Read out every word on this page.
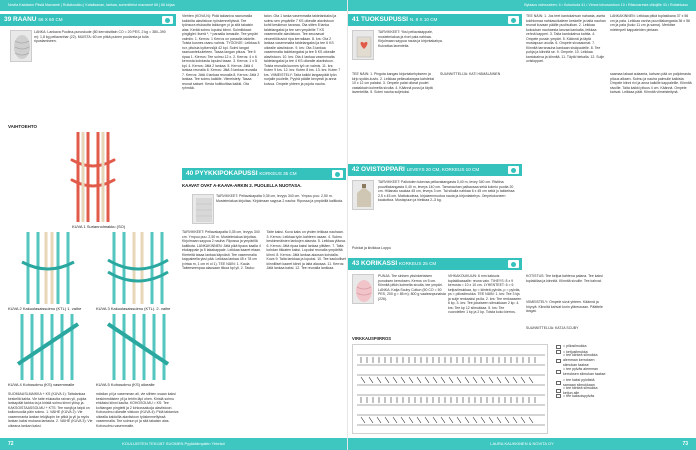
Novita Katoksen Pitsiä Macramé | Rullakoukku | Katalisanan, lankaa, sommittelut macramé 66 | 66 kirjaa
39 RAANU 66 X 60 CM
LANKA: Lankava Puolina-punoskude (80 kerroksittain CO = 20 PES, 2 kg = 380–390 m): 1,8 kg pellavanhar (22). MUISTA: 60 cm pitkä puinen puolarsta ja tulla ripustamiseen.
VAIHTOEHTO
KUVA 1 Suriannolmakku (SO)
KUVA 2 Kakuolasaissoimu (KTL) 1. vaihe	KUVA 3 Kakuolasaissoimu (KTL). 2. vaihe
KUVA 4 Kohosolmu (KS) vasemmalle	KUVA 5 Kohosolmu (KS) oikealle
SUOMIAUSLMAIKKA + KS (KUVA 1): Taitalankaa keskellä kahta. Vie taite etukautta raivan yli, pujota lankapäät tarkka ta ja kiristä solmu kiinni ylösp ja. KAKSOISTAASSOLMU + KTS: Tee nanjä ja taipä on kallonsuolla päin solmu. 1. VAIHE (KUVA 2): Vie vasemmanta lankan tekijäopin ke pitkä ja yli ja myös lankan kaksi mukana lantauta. 2. VAIHE (KUVA 3): Vie oikeana lankan kaksi.
mäsilan pii ja vasemman ali, vie siihten osaan kaksi keskimmäisten yli ja tehtin läpi ohen. Kiristä solmu ehkäsisi kiinni kaulta. KOHOSOLMU = KS: Tee kohlangan pingteiti ja 2 lohkossaluoja alaviistoon. Kohosolmu oikealle viistoon (KUVA 4): Pidä taldaniva oikealla kaldoilla alaviistoon työskennellyissä vasemmalla. Tee solmun pi ja sitä takaisin alas. Kohosolmu vasemmalle.
Viehten (KOVA N): Pidä taldaniva raanumalla kaldoilta alaviistoon työskennellyissä. Tee työnsura etukautta taldunger pi ja sitä takaisin alas. Kerää solmu lopuksi kiinni. Solmiikkaat: pingliglei: liserä *, * paraalla lamaulle. Tee ympäri valmiin. 1. Kerros: 1 Kerros on paraalla taldelle. Toista kunnes raanu valmis. TYÖOHJE: Leikkaa 8 ncr, pituisia kytkennöjä 42 kpl. Solmi langat raanuanteluuteteen. Tasaa langan pituus. Tee 6 ripaa 1. Kierros: Tee solmu 12 x. 2. Kerros: 4 x 6 kerrosta kohdasta lopuksi tasan. 3. Kerros: 1 x 5 kpl. 4. Kerros: Jätä 2 lankaa. 5. Kerros: Jätä 4 lankaa reunalla 6. Kerros: Jätä 3 lankaa reunalla 7. Kerros: Jätä 4 lankaa reunalla 8. Kerros: Jätä 2 lankaa. Tee solmu kaikille. Viimeistely: Tasaa reunat sakset. Kesta hoitikoittaa kaikki. Ota ryhmää.
talon. Ota 1 lanka vasemmalta taldelankaksi ja solmu sen ympärille 7 KS oikealle alaviistoon kohti keskimon tavaraa. Ota sitten 8 lanka taldelangaksi ja tee sen ympärille 7 KS vasemmalle alaviistoon. Tee seuraavat vinoneliökuviot ripa kerrallaan. 8. krs: Ota 2 lankaa vasemmalta taldelangaksi ja tee 6 KS oikealle alaviistoon. 9. krs: Ota 3 lankaa vasemmalta taldelangaksi ja tee 5 KS oikealle alaviistoon. 10. krs: Ota 4 lankaa vasemmalta taldelangaksi ja tee 4 KS oikealle alaviistoon. Toista reunalla kunnes työ on valmis. 11. krs: Kuten 9 krs. 12. krs: Kuten 8 krs. 13. krs: Kuten 7 krs. VIIMEISTELY: Taita kaikki langanpäät työn nurjalle puolelle, Pyyhä päälle kevyesti ja anna kuivua. Ompele yhteen ja pujota nauha.
40 PYYKKIPOKAPUSSI KORKEUS 35 CM
KAAVAT OVAT A-KAAVA-ARKIN 2. PUOLELLA NUOTASA.
TARVIKKEET: Pellavakapalta 0,35 cm, levyys 340 cm. Ympuu puu: 2,50 m. Mustelmiakua kirjoitaa. Kirjolmaan saypua 2 nauha: Ripossa ja ympärillä kaitikota.
TARVIKKEET: Pellavakapalta 0,35 cm, levyys 340 cm. Ympuu puu: 2,50 m. Mustelmiakua kirjoitaa. Kirjolmaan saypua 2 nauha: Ripossa ja ympärillä kaitikota. LANKAKINNEN: Jätä pikä tipaus kaalla 4 etukappale ja 5 takakappale. Leikkaa kaaret etaan. Kierteitä tasaa lankaa käpvästi. Tee vasemmalla kappaleella yksi pää. Leikkaa lankaa 45 x 78 cm (virtaa m, 1 cm ei ol 1). TEE NÄIN: 1. Kaula Taiteeseenpaa alaosaan tiikoa kpl yli. 2. Tasku: Taite kaksi. Kuva kaks on yhden leikkaa nauhaan. 3. Kerros: Leikkaa työn kahteen osaan. 4. Solmu keskimmäisten lankojen alaosta. 5. Leikkaa yläosa. 6. Kerros: Jätä ripaa kaksi lankaa ylittäen. 7. Taita kohdan tikkaten kaksi. Lopuksi reunalla ympäriltä kiinni. 8. Kerros: Jätä lankaa alaosan kohdalla. Kuva 9: Taita lankkaa ja lopuksi. 10. Tee kaukolliset kiinnilliset kaaret kiinni ja laita alaosaa. 11. Kerros: Jätä lankaa kaksi. 12. Tee reunalla lankkaa.
72	KOULUISTEN TEKIJÄT SUOMEN Pyykkiämpärin Yhteisö
Bylaaus valmuuteen: 4 • Kotoutuda 41 • Vimos toivusantoon 10 • Räsnoaresta viikojille 43 • Rotainkaso
41 TUOKSUPUSSI N. 8 X 10 CM
TARVIKKEET: Yksi pellavakappale, mustelmiakua ja rivei pala nahkaa. Kirjolmaan saypua nauta ja kirjontakahya. Kuivattua laventelia.
TEE NÄIN: 1. Pingota kangas kirjontakehykseen ja kirjo sydän-kuvio. 2. Leikkaa pellavakangas kahdeksi 10 x 12 cm palaksi. 3. Ompele palat oikeat puolet vastakkain kolmelta sivulta. 4. Käännä pussi ja täytä laventelilla. 5. Solmi nauha suljetuksi.
SUUNNITTELIJA: KATI HÄMÄLÄINEN
42 OVISTOPPARI LEVEYS 20 CM, KORKEUS 10 CM
TARVIKKEET: Pallotulen tukevaa pellavakangasta 0,40 m, levey 340 cm. Ristiina puuvillakangasta 0,40 m, leveys 140 cm. Tarranauhan palkaosaa sekä kolmio puolta 20 cm. Hiilanaiu saukaa 45 cm, leveys 3 cm. Tai sikalla nahkaa 6 x 45 cm sekä jo takkeissa 2,5 x 45 cm. Mattokudeaa, kirjoiaenmuotoa nauta ja kirjontakehys. Ompelukoneen kaukottoa. Mustapuun ja hiekkaa 2–3 kg.
Puhdat ja kivikkoa Loppu
TEE NÄIN: 1. Jos teet kantokahvan nahasta, aseta tukihiomaa nahkasuikaleen keskelle ja taita nauhan reunat kuvaan päälle puolisuikan. 2. Leikkaa kokoukan nauhaesta lanzaa kankaita, leikkaa vehnä kapperi. 3. Taita kantokahva kahtia. 4. Ompele pussin ympäri. 5. Käännä ja täytä mustapuun avulla. 6. Ompele sivusaumat. 7. Kiinnitä tarranauha kankaan sisäpuolelle. 8. Tee pohja ja kiinnitä se. 9. Ompele. 10. Leikkaa kantokahva ja kiinnitä. 11. Täytä hiekalla. 12. Sulje ovistoppari.
43 KORIKASSI KORKEUS 25 CM
PUNJA: Tee sinisen yksinkertaisen punoksen kerroksen. Kerros on 5 cm. Kiinnitä pitkin kolmelta sivulta, tee ympäri. LANKA: Katja Scuby Cotton (50 CO = 50 PES, 200 g = 85 m): 800 g vaaleanpunaista (226).
VIHKAKOUKUUN: 6 mm kaksois tuplakikassalle: reuna vain. TIHEYS: 8 x 9 kerrosta = 10 x 10 cm. LYHENTEET: 6 = 6 ketjusilmukkaa, kp = kiinteä pylväs, p = pylväs, ps = piilosilmukka. TEE NÄIN: 1. krs: Tee 3 kjs ja sulje renkaaksi ps:lla. 2. krs: Tee renkaaseen 6 kp. 3. krs: Tee jokaiseen silmukkaan 2 kp. 4. krs: Tee kp 12 silmukkaa. 5. krs: Tee vuorotellen 1 kp ja 2 kp. Toista koko kierros.
KOTISTUS: Tee ketjua kahtena palana. Tee kaksi tuplakiilaa ja kiinnitä. Kiinnitä sivuille. Tee kahvat.
VIIMEISTELY: Ompele sivut yhteen. Käännä ja höyryä. Kiinnitä kahvat korin yläreunaan. Päättele langat.
SUUNNITTELIJA: KATJA SCUBY
VIRKKAUSPIIRROS
= piilosilmukka
= ketjusilmukka
= tee kiinteä silmukka alemman kerroksen silmukan taakse
= tee pylväs alemman kerroksen silmukan taakse
= tee kaksi pylvästä samaan silmukkaan
= tee kiinteä silmukka ketjun alle
= tee kaksoispylväs
LANKAKINNEN: Leikkaa pitkä tuplasikana 37 x 56 cm ja pala. Leikkaa vanha puuvillakangasta 36 x 56 cm ja pala (koko 11 cm ja sama). Merkitse mielenpeli kappaleiden pintaan.
saamaa lakaat aulaanta, kahvan pää on paljolmasta pituus alkaen. Solmu ja nauha palmulle kaikista. Ompele kiinni rivi ja anna kaikille kappaleille. Kiinnitä sivuille. Taita kaikki pituus 4 cm. Käännä. Ompele kahvat. Leikkaa päät. Kiinnitä viimeisteltynä.
LAURA KAUKKINEN & NOVITA OY	73
